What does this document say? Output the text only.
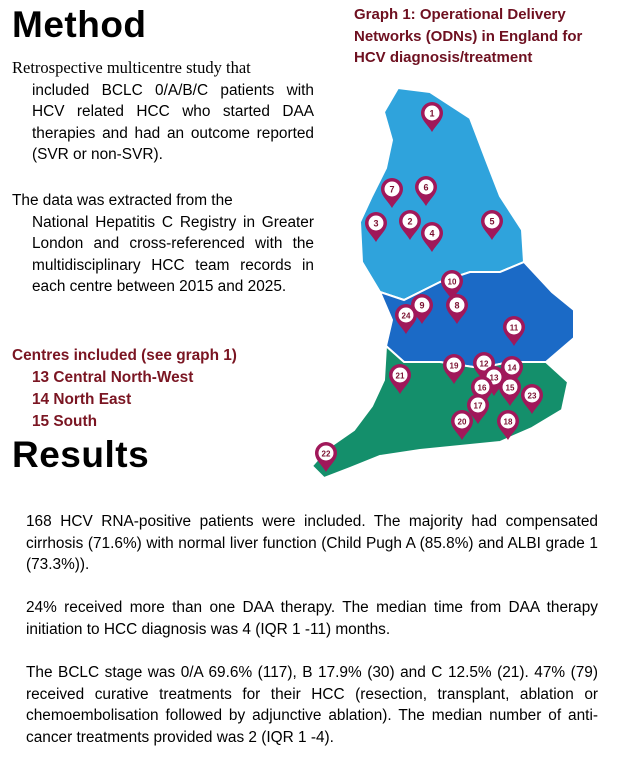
Method

Retrospective multicentre study that

included BCLC 0/A/B/C patients with HCV related HCC who started DAA therapies and had an outcome reported (SVR or non-SVR).

The data was extracted from the

National Hepatitis C Registry in Greater London and cross-referenced with the multidisciplinary HCC team records in each centre between 2015 and 2025.

Centres included (see graph 1)
13 Central North-West
14 North East
15 South
Graph 1: Operational Delivery Networks (ODNs) in England for HCV diagnosis/treatment
1
2
3
4
5
6
7
8
9
10
11
12
13
14
15
16
17
18
19
20
21
22
23
24
Results

168 HCV RNA-positive patients were included. The majority had compensated cirrhosis (71.6%) with normal liver function (Child Pugh A (85.8%) and ALBI grade 1 (73.3%)).

24% received more than one DAA therapy. The median time from DAA therapy initiation to HCC diagnosis was 4 (IQR 1 -11) months.

The BCLC stage was 0/A 69.6% (117), B 17.9% (30) and C 12.5% (21). 47% (79) received curative treatments for their HCC (resection, transplant, ablation or chemoembolisation followed by adjunctive ablation). The median number of anti-cancer treatments provided was 2 (IQR 1 -4).
